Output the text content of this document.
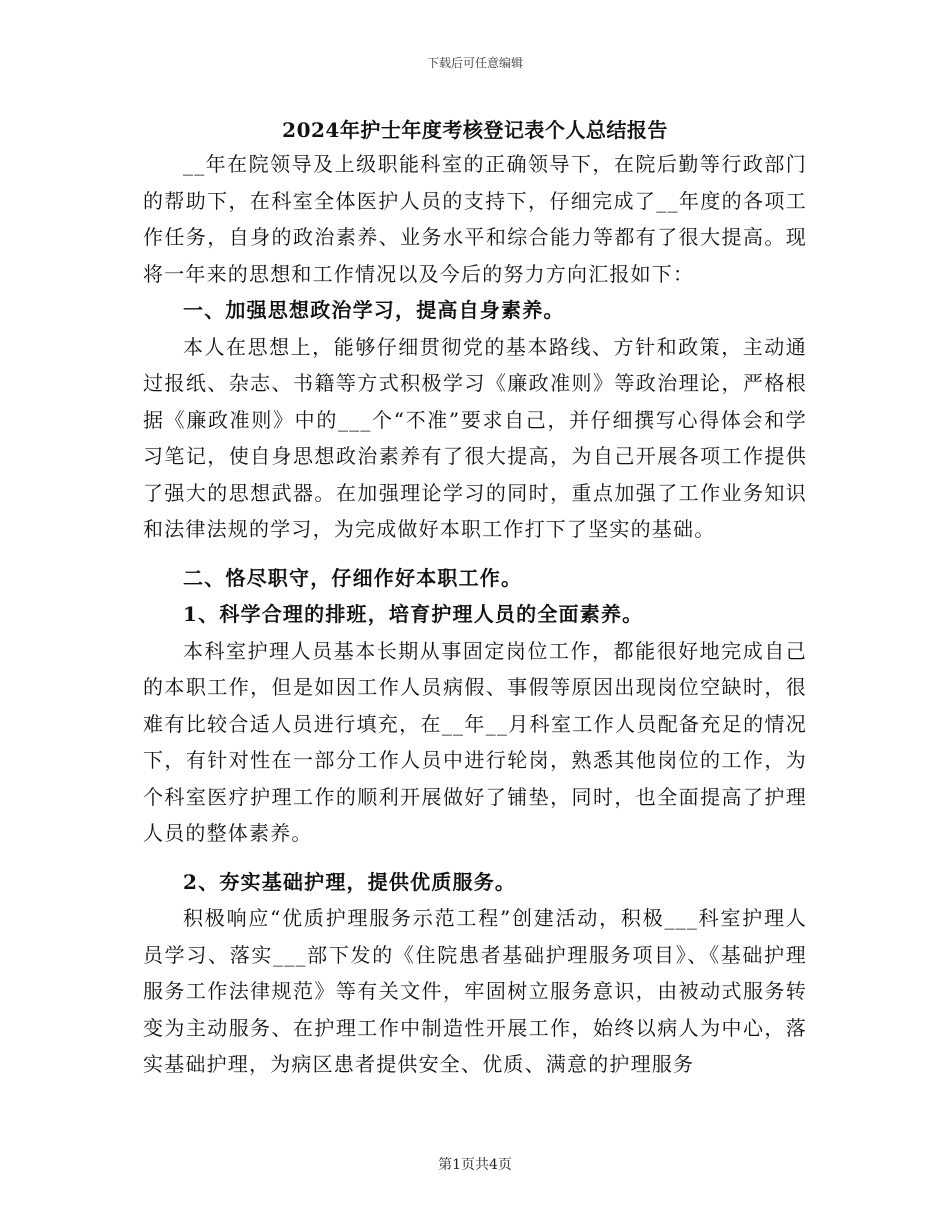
下载后可任意编辑
2024年护士年度考核登记表个人总结报告

__年在院领导及上级职能科室的正确领导下，在院后勤等行政部门的帮助下，在科室全体医护人员的支持下，仔细完成了__年度的各项工作任务，自身的政治素养、业务水平和综合能力等都有了很大提高。现将一年来的思想和工作情况以及今后的努力方向汇报如下：

一、加强思想政治学习，提高自身素养。

本人在思想上，能够仔细贯彻党的基本路线、方针和政策，主动通过报纸、杂志、书籍等方式积极学习《廉政准则》等政治理论，严格根据《廉政准则》中的___个“不准”要求自己，并仔细撰写心得体会和学习笔记，使自身思想政治素养有了很大提高，为自己开展各项工作提供了强大的思想武器。在加强理论学习的同时，重点加强了工作业务知识和法律法规的学习，为完成做好本职工作打下了坚实的基础。

二、恪尽职守，仔细作好本职工作。

1、科学合理的排班，培育护理人员的全面素养。

本科室护理人员基本长期从事固定岗位工作，都能很好地完成自己的本职工作，但是如因工作人员病假、事假等原因出现岗位空缺时，很难有比较合适人员进行填充，在__年__月科室工作人员配备充足的情况下，有针对性在一部分工作人员中进行轮岗，熟悉其他岗位的工作，为个科室医疗护理工作的顺利开展做好了铺垫，同时，也全面提高了护理人员的整体素养。

2、夯实基础护理，提供优质服务。

积极响应“优质护理服务示范工程”创建活动，积极___科室护理人员学习、落实___部下发的《住院患者基础护理服务项目》、《基础护理服务工作法律规范》等有关文件，牢固树立服务意识，由被动式服务转变为主动服务、在护理工作中制造性开展工作，始终以病人为中心，落实基础护理，为病区患者提供安全、优质、满意的护理服务

第1页共4页
